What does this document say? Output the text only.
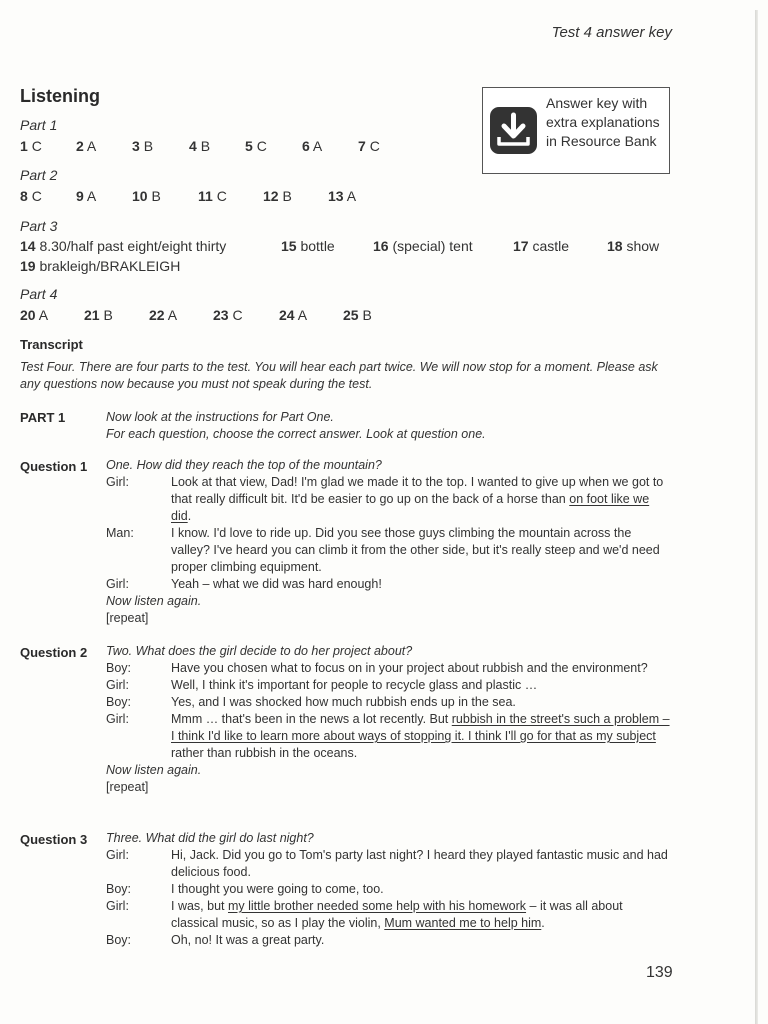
Test 4 answer key
Listening	Answer key with extra explanations in Resource Bank
Part 1
1 C 2 A	3 B	4 B 5 C	6 A	7 C
Part 2
8 C 9 A	10 B	11 C	12 B	13 A
Part 3
14 8.30/half past eight/eight thirty	15 bottle	16 (special) tent	17 castle	18 show
19 brakleigh/BRAKLEIGH
Part 4
20 A	21 B	22 A	23 C	24 A	25 B
Transcript
Test Four. There are four parts to the test. You will hear each part twice. We will now stop for a moment. Please ask any questions now because you must not speak during the test.
PART 1	Now look at the instructions for Part One.
For each question, choose the correct answer. Look at question one.
Question 1 One. How did they reach the top of the mountain?
Girl:	Look at that view, Dad! I'm glad we made it to the top. I wanted to give up when we got to that really difficult bit. It'd be easier to go up on the back of a horse than on foot like we did.
Man:	I know. I'd love to ride up. Did you see those guys climbing the mountain across the valley? I've heard you can climb it from the other side, but it's really steep and we'd need proper climbing equipment.
Girl:	Yeah – what we did was hard enough!
Now listen again.
[repeat]
Question 2 Two. What does the girl decide to do her project about?
Boy:	Have you chosen what to focus on in your project about rubbish and the environment?
Girl:	Well, I think it's important for people to recycle glass and plastic …
Boy:	Yes, and I was shocked how much rubbish ends up in the sea.
Girl:	Mmm … that's been in the news a lot recently. But rubbish in the street's such a problem – I think I'd like to learn more about ways of stopping it. I think I'll go for that as my subject rather than rubbish in the oceans.
Now listen again.
[repeat]
Question 3 Three. What did the girl do last night?
Girl:	Hi, Jack. Did you go to Tom's party last night? I heard they played fantastic music and had delicious food.
Boy:	I thought you were going to come, too.
Girl:	I was, but my little brother needed some help with his homework – it was all about classical music, so as I play the violin, Mum wanted me to help him.
Boy:	Oh, no! It was a great party.
139
